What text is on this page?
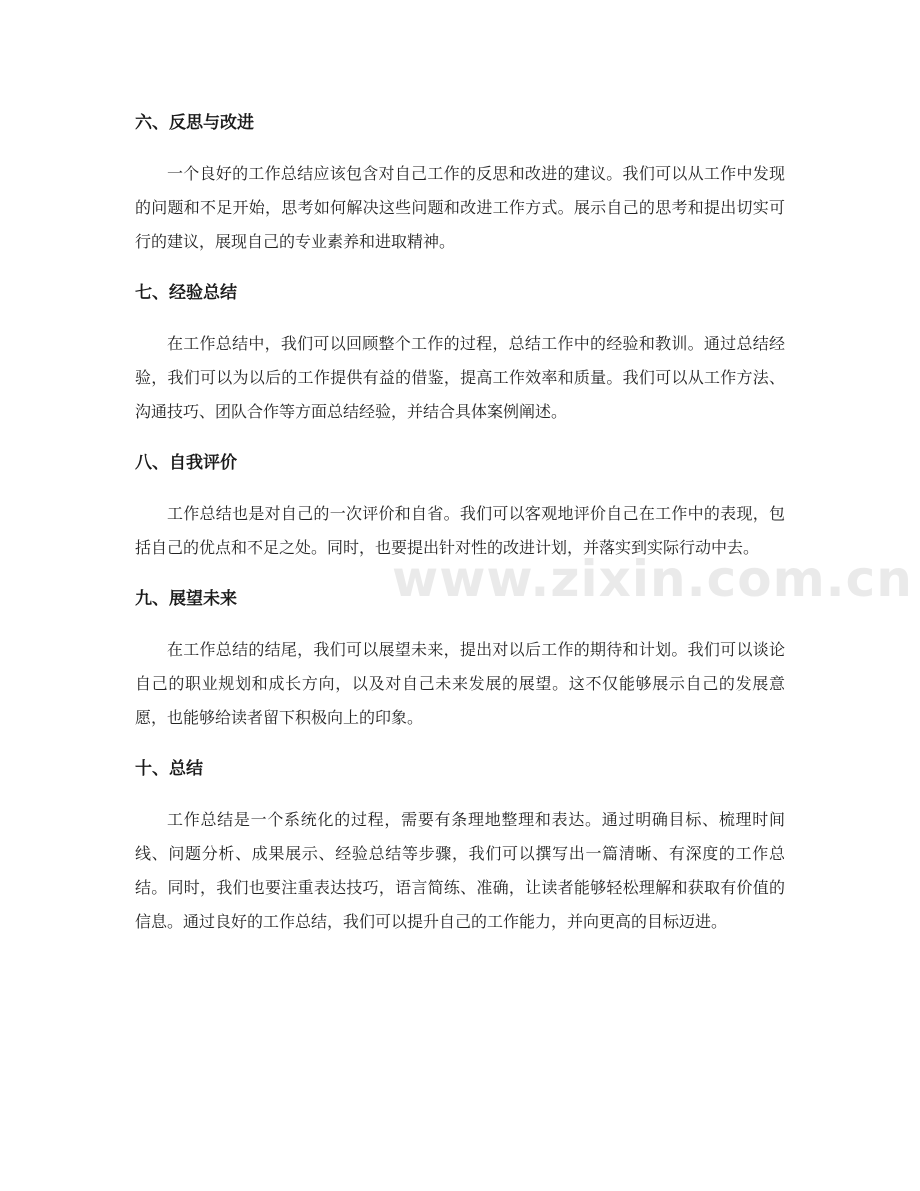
六、反思与改进

一个良好的工作总结应该包含对自己工作的反思和改进的建议。我们可以从工作中发现的问题和不足开始，思考如何解决这些问题和改进工作方式。展示自己的思考和提出切实可行的建议，展现自己的专业素养和进取精神。

七、经验总结

在工作总结中，我们可以回顾整个工作的过程，总结工作中的经验和教训。通过总结经验，我们可以为以后的工作提供有益的借鉴，提高工作效率和质量。我们可以从工作方法、沟通技巧、团队合作等方面总结经验，并结合具体案例阐述。

八、自我评价

工作总结也是对自己的一次评价和自省。我们可以客观地评价自己在工作中的表现，包括自己的优点和不足之处。同时，也要提出针对性的改进计划，并落实到实际行动中去。

九、展望未来

在工作总结的结尾，我们可以展望未来，提出对以后工作的期待和计划。我们可以谈论自己的职业规划和成长方向，以及对自己未来发展的展望。这不仅能够展示自己的发展意愿，也能够给读者留下积极向上的印象。

十、总结

工作总结是一个系统化的过程，需要有条理地整理和表达。通过明确目标、梳理时间线、问题分析、成果展示、经验总结等步骤，我们可以撰写出一篇清晰、有深度的工作总结。同时，我们也要注重表达技巧，语言简练、准确，让读者能够轻松理解和获取有价值的信息。通过良好的工作总结，我们可以提升自己的工作能力，并向更高的目标迈进。

www.zixin.com.cn
